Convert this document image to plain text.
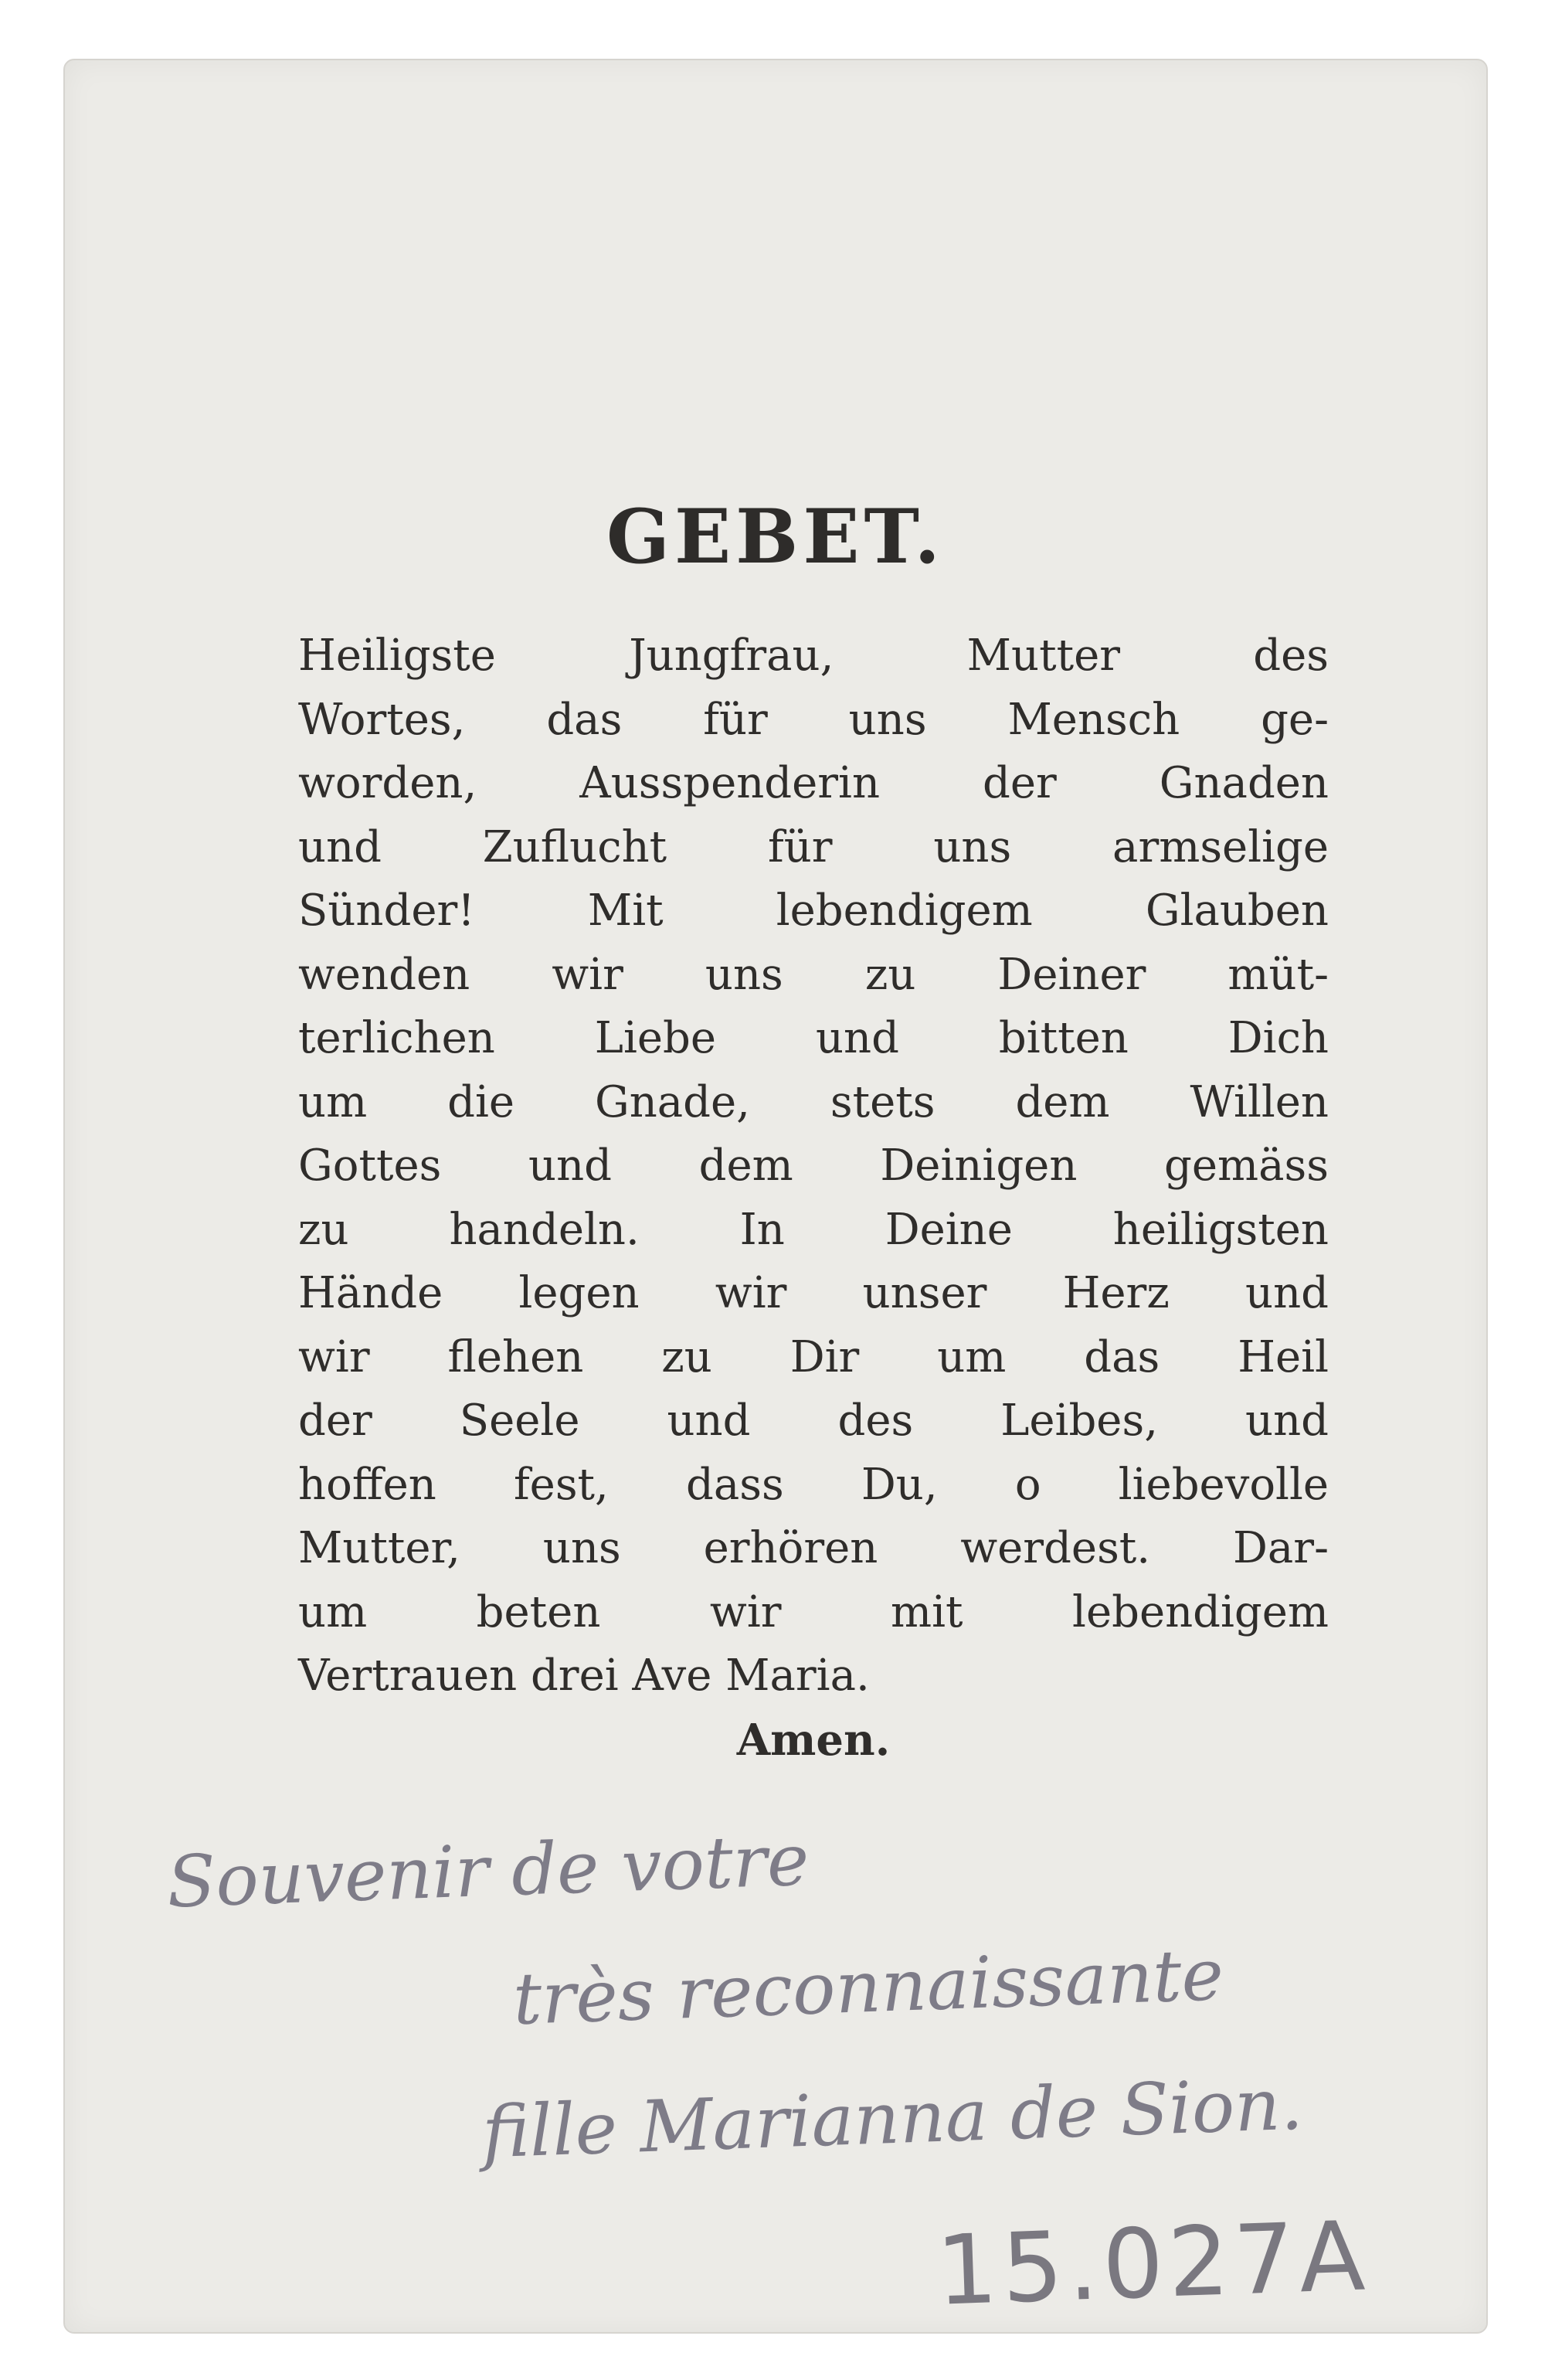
GEBET.
Heiligste Jungfrau, Mutter des
Wortes, das für uns Mensch ge-
worden, Ausspenderin der Gnaden
und Zuflucht für uns armselige
Sünder! Mit lebendigem Glauben
wenden wir uns zu Deiner müt-
terlichen Liebe und bitten Dich
um die Gnade, stets dem Willen
Gottes und dem Deinigen gemäss
zu handeln. In Deine heiligsten
Hände legen wir unser Herz und
wir flehen zu Dir um das Heil
der Seele und des Leibes, und
hoffen fest, dass Du, o liebevolle
Mutter, uns erhören werdest. Dar-
um beten wir mit lebendigem
Vertrauen drei Ave Maria.
Amen.
Souvenir de votre
très reconnaissante
fille Marianna de Sion.
15.027A
